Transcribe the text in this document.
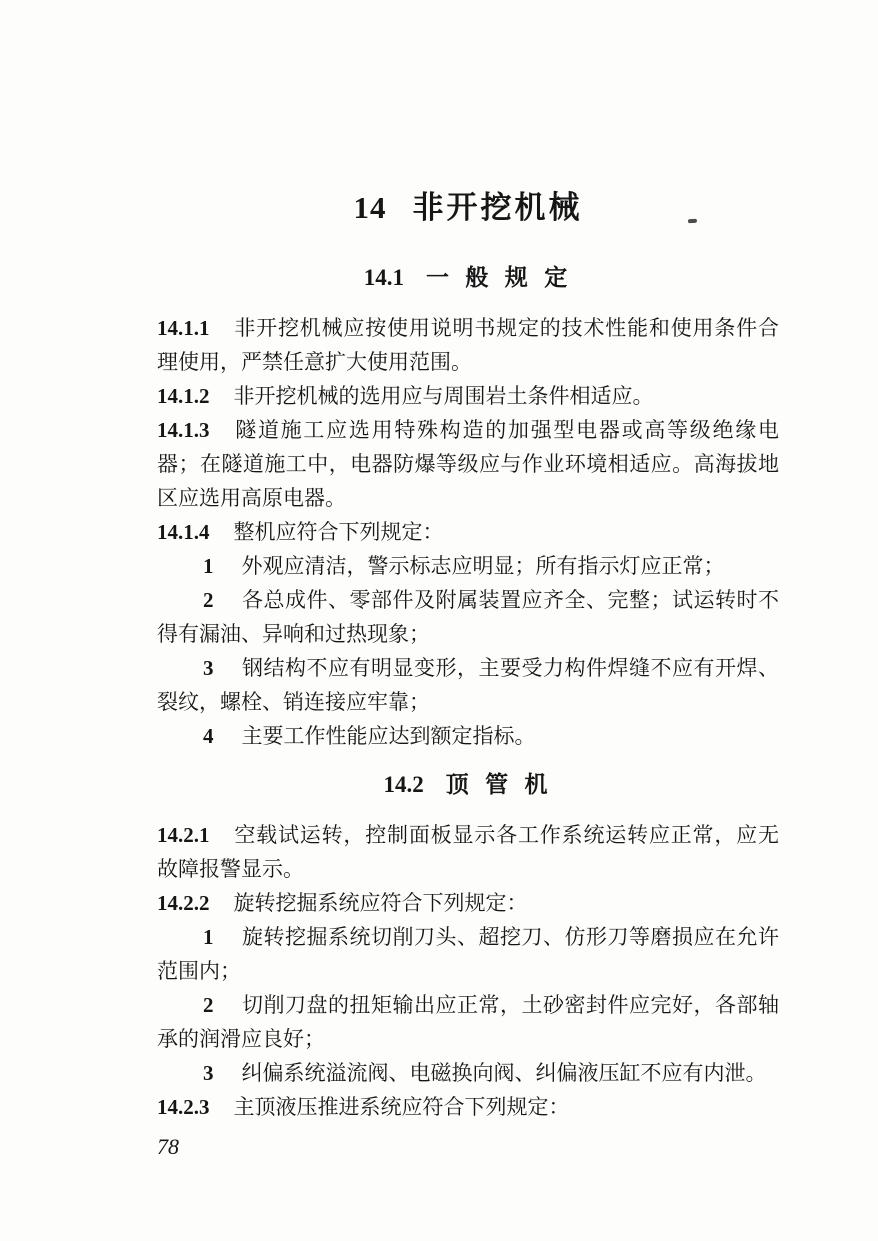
14 非开挖机械
14.1 一 般 规 定

14.1.1 非开挖机械应按使用说明书规定的技术性能和使用条件合理使用，严禁任意扩大使用范围。

14.1.2 非开挖机械的选用应与周围岩土条件相适应。

14.1.3 隧道施工应选用特殊构造的加强型电器或高等级绝缘电器；在隧道施工中，电器防爆等级应与作业环境相适应。高海拔地区应选用高原电器。

14.1.4 整机应符合下列规定：

1 外观应清洁，警示标志应明显；所有指示灯应正常；

2 各总成件、零部件及附属装置应齐全、完整；试运转时不得有漏油、异响和过热现象；

3 钢结构不应有明显变形，主要受力构件焊缝不应有开焊、裂纹，螺栓、销连接应牢靠；

4 主要工作性能应达到额定指标。

14.2 顶 管 机

14.2.1 空载试运转，控制面板显示各工作系统运转应正常，应无故障报警显示。

14.2.2 旋转挖掘系统应符合下列规定：

1 旋转挖掘系统切削刀头、超挖刀、仿形刀等磨损应在允许范围内；

2 切削刀盘的扭矩输出应正常，土砂密封件应完好，各部轴承的润滑应良好；

3 纠偏系统溢流阀、电磁换向阀、纠偏液压缸不应有内泄。

14.2.3 主顶液压推进系统应符合下列规定：

78
